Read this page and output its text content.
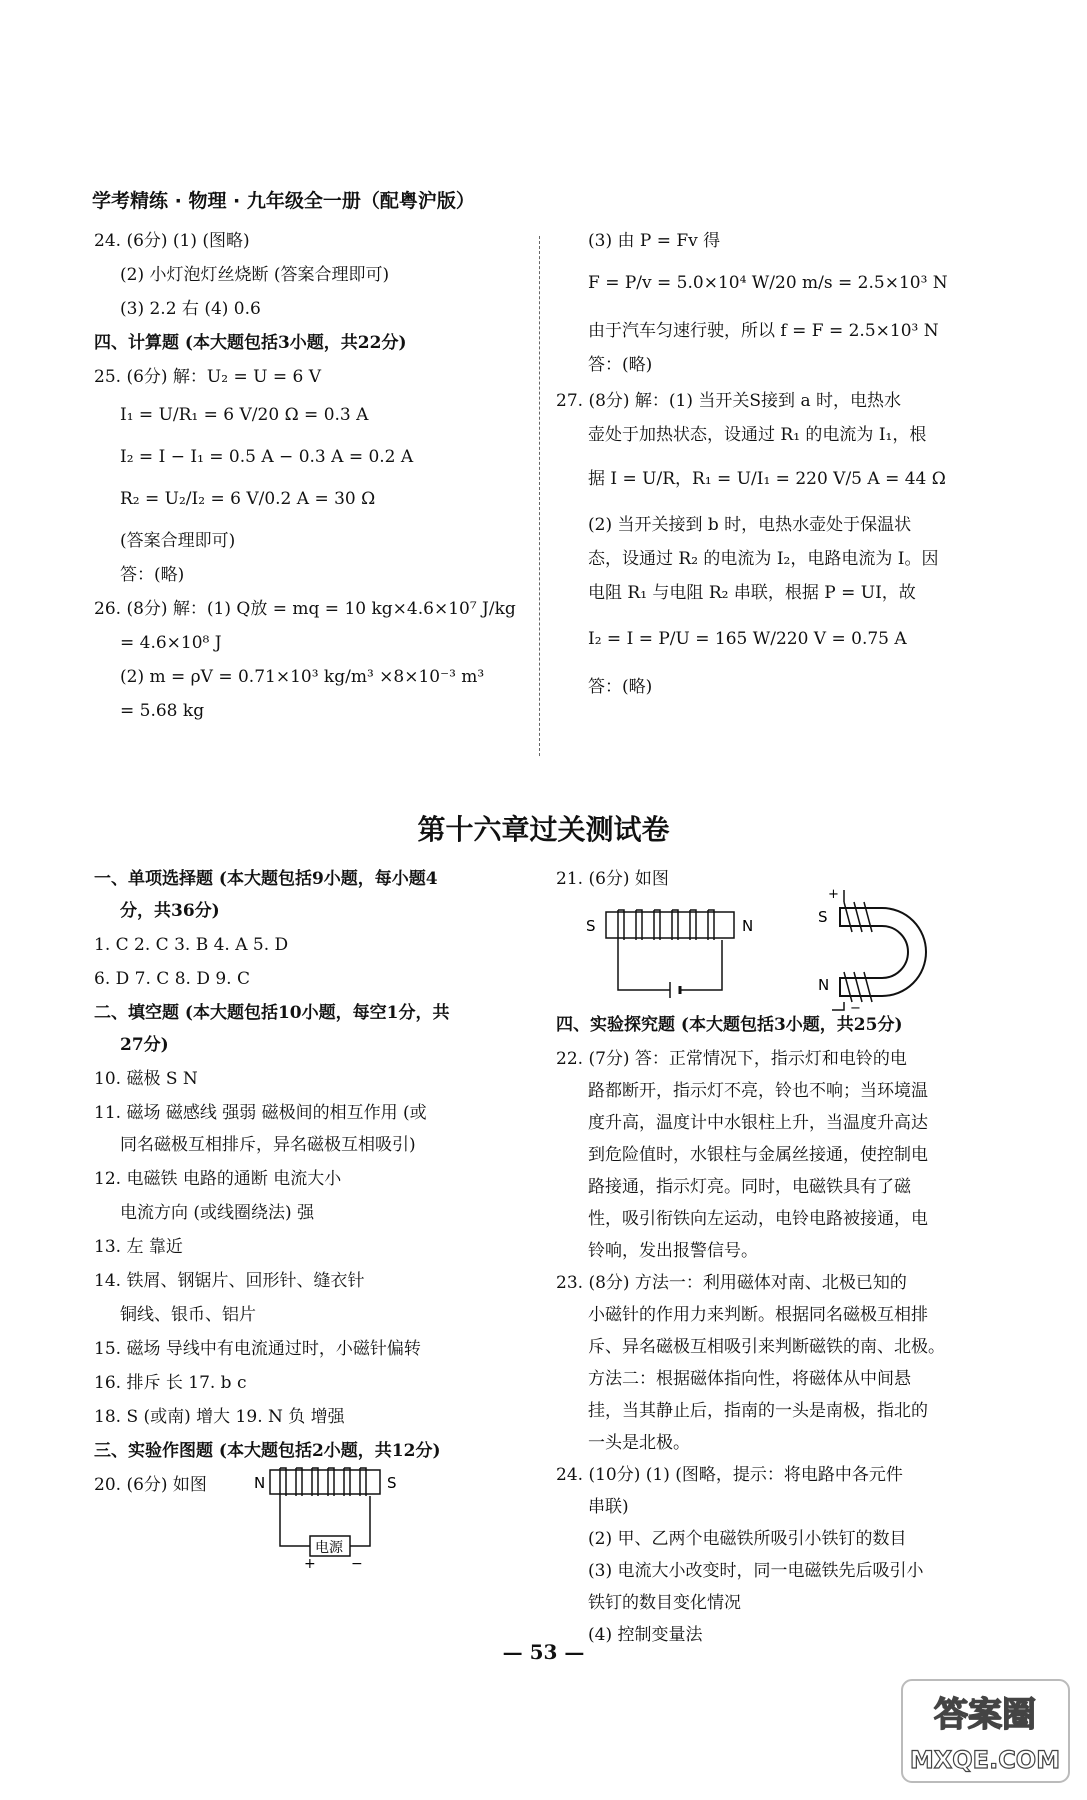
学考精练 · 物理 · 九年级全一册（配粤沪版）
24. (6分) (1) (图略)
(2) 小灯泡灯丝烧断 (答案合理即可)
(3) 2.2 右 (4) 0.6
四、计算题 (本大题包括3小题，共22分)
25. (6分) 解：U₂ = U = 6 V
I₁ = U/R₁ = 6 V/20 Ω = 0.3 A
I₂ = I − I₁ = 0.5 A − 0.3 A = 0.2 A
R₂ = U₂/I₂ = 6 V/0.2 A = 30 Ω
(答案合理即可)
答：(略)
26. (8分) 解：(1) Q放 = mq = 10 kg×4.6×10⁷ J/kg
= 4.6×10⁸ J
(2) m = ρV = 0.71×10³ kg/m³ ×8×10⁻³ m³
= 5.68 kg
(3) 由 P = Fv 得
F = P/v = 5.0×10⁴ W/20 m/s = 2.5×10³ N
由于汽车匀速行驶，所以 f = F = 2.5×10³ N
答：(略)
27. (8分) 解：(1) 当开关S接到 a 时，电热水
壶处于加热状态，设通过 R₁ 的电流为 I₁，根
据 I = U/R，R₁ = U/I₁ = 220 V/5 A = 44 Ω
(2) 当开关接到 b 时，电热水壶处于保温状
态，设通过 R₂ 的电流为 I₂，电路电流为 I。因
电阻 R₁ 与电阻 R₂ 串联，根据 P = UI，故
I₂ = I = P/U = 165 W/220 V = 0.75 A
答：(略)
第十六章过关测试卷
一、单项选择题 (本大题包括9小题，每小题4
分，共36分)
1. C 2. C 3. B 4. A 5. D
6. D 7. C 8. D 9. C
二、填空题 (本大题包括10小题，每空1分，共
27分)
10. 磁极 S N
11. 磁场 磁感线 强弱 磁极间的相互作用 (或
同名磁极互相排斥，异名磁极互相吸引)
12. 电磁铁 电路的通断 电流大小
电流方向 (或线圈绕法) 强
13. 左 靠近
14. 铁屑、钢锯片、回形针、缝衣针
铜线、银币、铝片
15. 磁场 导线中有电流通过时，小磁针偏转
16. 排斥 长 17. b c
18. S (或南) 增大 19. N 负 增强
三、实验作图题 (本大题包括2小题，共12分)
20. (6分) 如图	N	S
电源
+	−
21. (6分) 如图
四、实验探究题 (本大题包括3小题，共25分)
22. (7分) 答：正常情况下，指示灯和电铃的电
路都断开，指示灯不亮，铃也不响；当环境温
度升高，温度计中水银柱上升，当温度升高达
到危险值时，水银柱与金属丝接通，使控制电
路接通，指示灯亮。同时，电磁铁具有了磁
性，吸引衔铁向左运动，电铃电路被接通，电
铃响，发出报警信号。
23. (8分) 方法一：利用磁体对南、北极已知的
小磁针的作用力来判断。根据同名磁极互相排
斥、异名磁极互相吸引来判断磁铁的南、北极。
方法二：根据磁体指向性，将磁体从中间悬
挂，当其静止后，指南的一头是南极，指北的
一头是北极。
24. (10分) (1) (图略，提示：将电路中各元件
串联)
(2) 甲、乙两个电磁铁所吸引小铁钉的数目
(3) 电流大小改变时，同一电磁铁先后吸引小
铁钉的数目变化情况
(4) 控制变量法
S	N
+
S
N
−
— 53 —
答案圈
MXQE.COM
